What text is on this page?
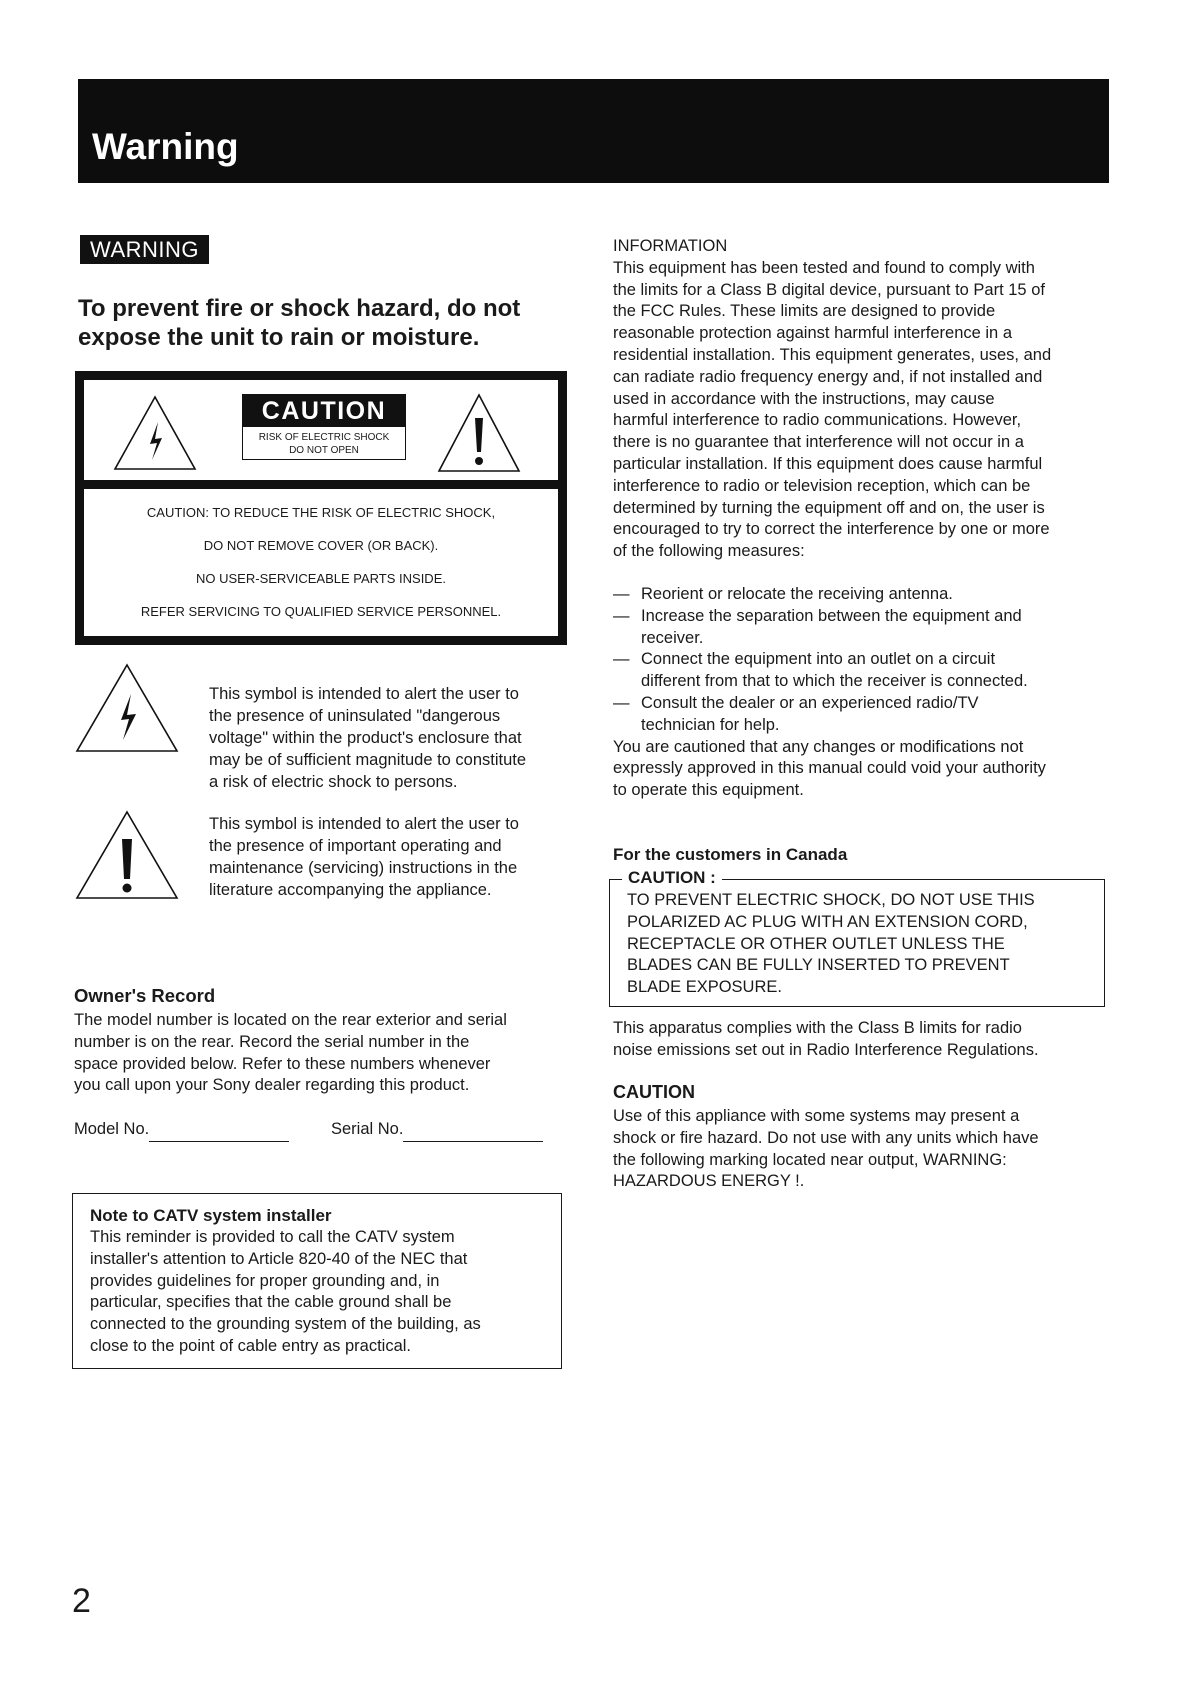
Warning
WARNING
To prevent fire or shock hazard, do not
expose the unit to rain or moisture.
CAUTION
RISK OF ELECTRIC SHOCK
DO NOT OPEN
CAUTION: TO REDUCE THE RISK OF ELECTRIC SHOCK,
DO NOT REMOVE COVER (OR BACK).
NO USER-SERVICEABLE PARTS INSIDE.
REFER SERVICING TO QUALIFIED SERVICE PERSONNEL.
This symbol is intended to alert the user to
the presence of uninsulated "dangerous
voltage" within the product's enclosure that
may be of sufficient magnitude to constitute
a risk of electric shock to persons.
This symbol is intended to alert the user to
the presence of important operating and
maintenance (servicing) instructions in the
literature accompanying the appliance.
Owner's Record
The model number is located on the rear exterior and serial
number is on the rear. Record the serial number in the
space provided below. Refer to these numbers whenever
you call upon your Sony dealer regarding this product.
Model No.	Serial No.
Note to CATV system installer
This reminder is provided to call the CATV system
installer's attention to Article 820-40 of the NEC that
provides guidelines for proper grounding and, in
particular, specifies that the cable ground shall be
connected to the grounding system of the building, as
close to the point of cable entry as practical.
INFORMATION
This equipment has been tested and found to comply with
the limits for a Class B digital device, pursuant to Part 15 of
the FCC Rules. These limits are designed to provide
reasonable protection against harmful interference in a
residential installation. This equipment generates, uses, and
can radiate radio frequency energy and, if not installed and
used in accordance with the instructions, may cause
harmful interference to radio communications. However,
there is no guarantee that interference will not occur in a
particular installation. If this equipment does cause harmful
interference to radio or television reception, which can be
determined by turning the equipment off and on, the user is
encouraged to try to correct the interference by one or more
of the following measures:
— Reorient or relocate the receiving antenna.
— Increase the separation between the equipment and
receiver.
— Connect the equipment into an outlet on a circuit
different from that to which the receiver is connected.
— Consult the dealer or an experienced radio/TV
technician for help.
You are cautioned that any changes or modifications not
expressly approved in this manual could void your authority
to operate this equipment.
For the customers in Canada
CAUTION :
TO PREVENT ELECTRIC SHOCK, DO NOT USE THIS
POLARIZED AC PLUG WITH AN EXTENSION CORD,
RECEPTACLE OR OTHER OUTLET UNLESS THE
BLADES CAN BE FULLY INSERTED TO PREVENT
BLADE EXPOSURE.
This apparatus complies with the Class B limits for radio
noise emissions set out in Radio Interference Regulations.
CAUTION
Use of this appliance with some systems may present a
shock or fire hazard. Do not use with any units which have
the following marking located near output, WARNING:
HAZARDOUS ENERGY !.
2
